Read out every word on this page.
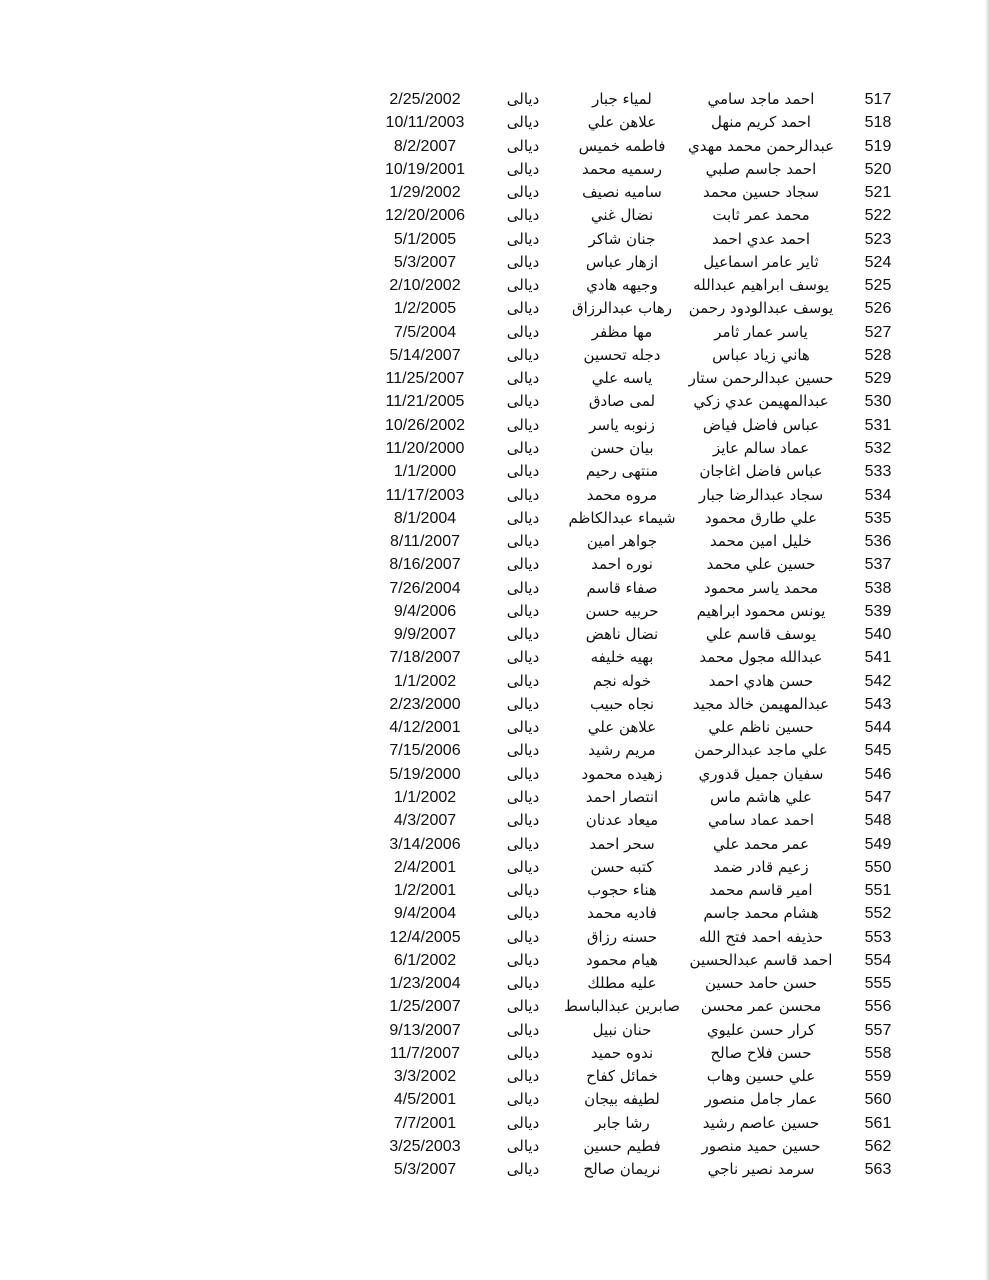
517
احمد ماجد سامي
لمياء جبار
ديالى
2/25/2002
518
احمد كريم منهل
علاهن علي
ديالى
10/11/2003
519
عبدالرحمن محمد مهدي
فاطمه خميس
ديالى
8/2/2007
520
احمد جاسم صلبي
رسميه محمد
ديالى
10/19/2001
521
سجاد حسين محمد
ساميه نصيف
ديالى
1/29/2002
522
محمد عمر ثابت
نضال غني
ديالى
12/20/2006
523
احمد عدي احمد
جنان شاكر
ديالى
5/1/2005
524
ثاير عامر اسماعيل
ازهار عباس
ديالى
5/3/2007
525
يوسف ابراهيم عبدالله
وجيهه هادي
ديالى
2/10/2002
526
يوسف عبدالودود رحمن
رهاب عبدالرزاق
ديالى
1/2/2005
527
ياسر عمار ثامر
مها مظفر
ديالى
7/5/2004
528
هاني زياد عباس
دجله تحسين
ديالى
5/14/2007
529
حسين عبدالرحمن ستار
ياسه علي
ديالى
11/25/2007
530
عبدالمهيمن عدي زكي
لمى صادق
ديالى
11/21/2005
531
عباس فاضل فياض
زنوبه ياسر
ديالى
10/26/2002
532
عماد سالم عايز
بيان حسن
ديالى
11/20/2000
533
عباس فاضل اغاجان
منتهى رحيم
ديالى
1/1/2000
534
سجاد عبدالرضا جبار
مروه محمد
ديالى
11/17/2003
535
علي طارق محمود
شيماء عبدالكاظم
ديالى
8/1/2004
536
خليل امين محمد
جواهر امين
ديالى
8/11/2007
537
حسين علي محمد
نوره احمد
ديالى
8/16/2007
538
محمد ياسر محمود
صفاء قاسم
ديالى
7/26/2004
539
يونس محمود ابراهيم
حربيه حسن
ديالى
9/4/2006
540
يوسف قاسم علي
نضال ناهض
ديالى
9/9/2007
541
عبدالله مجول محمد
بهيه خليفه
ديالى
7/18/2007
542
حسن هادي احمد
خوله نجم
ديالى
1/1/2002
543
عبدالمهيمن خالد مجيد
نجاه حبيب
ديالى
2/23/2000
544
حسين ناظم علي
علاهن علي
ديالى
4/12/2001
545
علي ماجد عبدالرحمن
مريم رشيد
ديالى
7/15/2006
546
سفيان جميل قدوري
زهيده محمود
ديالى
5/19/2000
547
علي هاشم ماس
انتصار احمد
ديالى
1/1/2002
548
احمد عماد سامي
ميعاد عدنان
ديالى
4/3/2007
549
عمر محمد علي
سحر احمد
ديالى
3/14/2006
550
زعيم قادر ضمد
كتبه حسن
ديالى
2/4/2001
551
امير قاسم محمد
هناء حجوب
ديالى
1/2/2001
552
هشام محمد جاسم
فاديه محمد
ديالى
9/4/2004
553
حذيفه احمد فتح الله
حسنه رزاق
ديالى
12/4/2005
554
احمد قاسم عبدالحسين
هيام محمود
ديالى
6/1/2002
555
حسن حامد حسين
عليه مطلك
ديالى
1/23/2004
556
محسن عمر محسن
صابرين عبدالباسط
ديالى
1/25/2007
557
كرار حسن عليوي
حنان نبيل
ديالى
9/13/2007
558
حسن فلاح صالح
ندوه حميد
ديالى
11/7/2007
559
علي حسين وهاب
خمائل كفاح
ديالى
3/3/2002
560
عمار جامل منصور
لطيفه بيجان
ديالى
4/5/2001
561
حسين عاصم رشيد
رشا جابر
ديالى
7/7/2001
562
حسين حميد منصور
فطيم حسين
ديالى
3/25/2003
563
سرمد نصير ناجي
نريمان صالح
ديالى
5/3/2007
